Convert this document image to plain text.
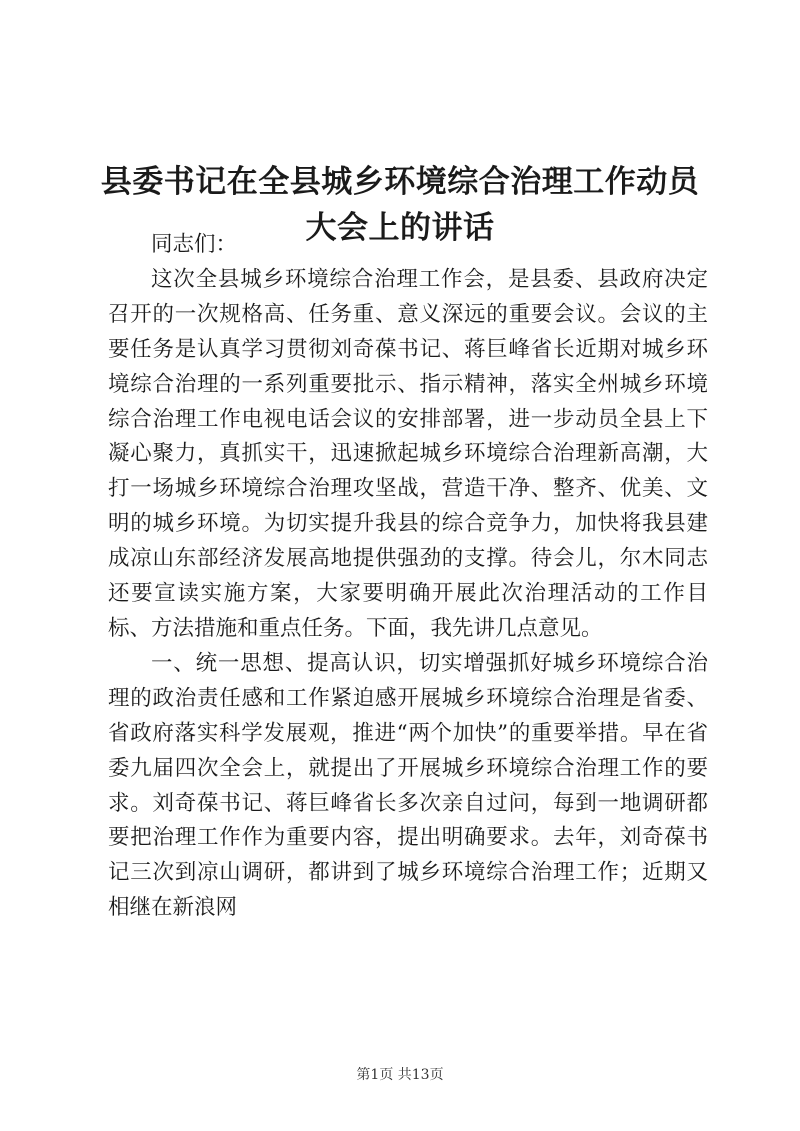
县委书记在全县城乡环境综合治理工作动员大会上的讲话

同志们：

这次全县城乡环境综合治理工作会，是县委、县政府决定召开的一次规格高、任务重、意义深远的重要会议。会议的主要任务是认真学习贯彻刘奇葆书记、蒋巨峰省长近期对城乡环境综合治理的一系列重要批示、指示精神，落实全州城乡环境综合治理工作电视电话会议的安排部署，进一步动员全县上下凝心聚力，真抓实干，迅速掀起城乡环境综合治理新高潮，大打一场城乡环境综合治理攻坚战，营造干净、整齐、优美、文明的城乡环境。为切实提升我县的综合竞争力，加快将我县建成凉山东部经济发展高地提供强劲的支撑。待会儿，尔木同志还要宣读实施方案，大家要明确开展此次治理活动的工作目标、方法措施和重点任务。下面，我先讲几点意见。

一、统一思想、提高认识，切实增强抓好城乡环境综合治理的政治责任感和工作紧迫感开展城乡环境综合治理是省委、省政府落实科学发展观，推进“两个加快”的重要举措。早在省委九届四次全会上，就提出了开展城乡环境综合治理工作的要求。刘奇葆书记、蒋巨峰省长多次亲自过问，每到一地调研都要把治理工作作为重要内容，提出明确要求。去年，刘奇葆书记三次到凉山调研，都讲到了城乡环境综合治理工作；近期又相继在新浪网

第1页 共13页
